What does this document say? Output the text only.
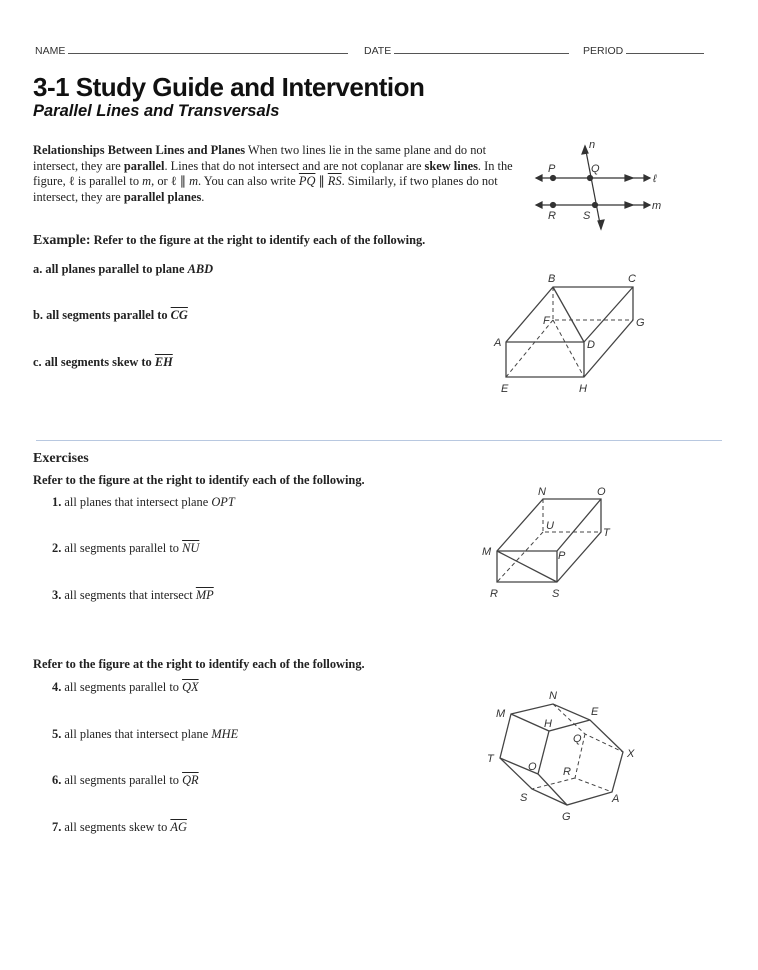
NAME	DATE	PERIOD
3-1 Study Guide and Intervention
Parallel Lines and Transversals
Relationships Between Lines and Planes When two lines lie in the same plane and do not intersect, they are parallel. Lines that do not intersect and are not coplanar are skew lines. In the figure, ℓ is parallel to m, or ℓ ∥ m. You can also write $\overline{PQ}$ ∥ $\overline{RS}$. Similarly, if two planes do not intersect, they are parallel planes.
Example: Refer to the figure at the right to identify each of the following.
a. all planes parallel to plane ABD
b. all segments parallel to $\overline{CG}$
c. all segments skew to $\overline{EH}$
Exercises
Refer to the figure at the right to identify each of the following.
1. all planes that intersect plane OPT
2. all segments parallel to $\overline{NU}$
3. all segments that intersect $\overline{MP}$
Refer to the figure at the right to identify each of the following.
4. all segments parallel to $\overline{QX}$
5. all planes that intersect plane MHE
6. all segments parallel to $\overline{QR}$
7. all segments skew to $\overline{AG}$
P	Q
R S
n
ℓ
m
B	C
F	G
A	D
E	H
N	O
U
T
M	P
R	S
M
N
E
H
Q
X
T
O R
A
S
G
